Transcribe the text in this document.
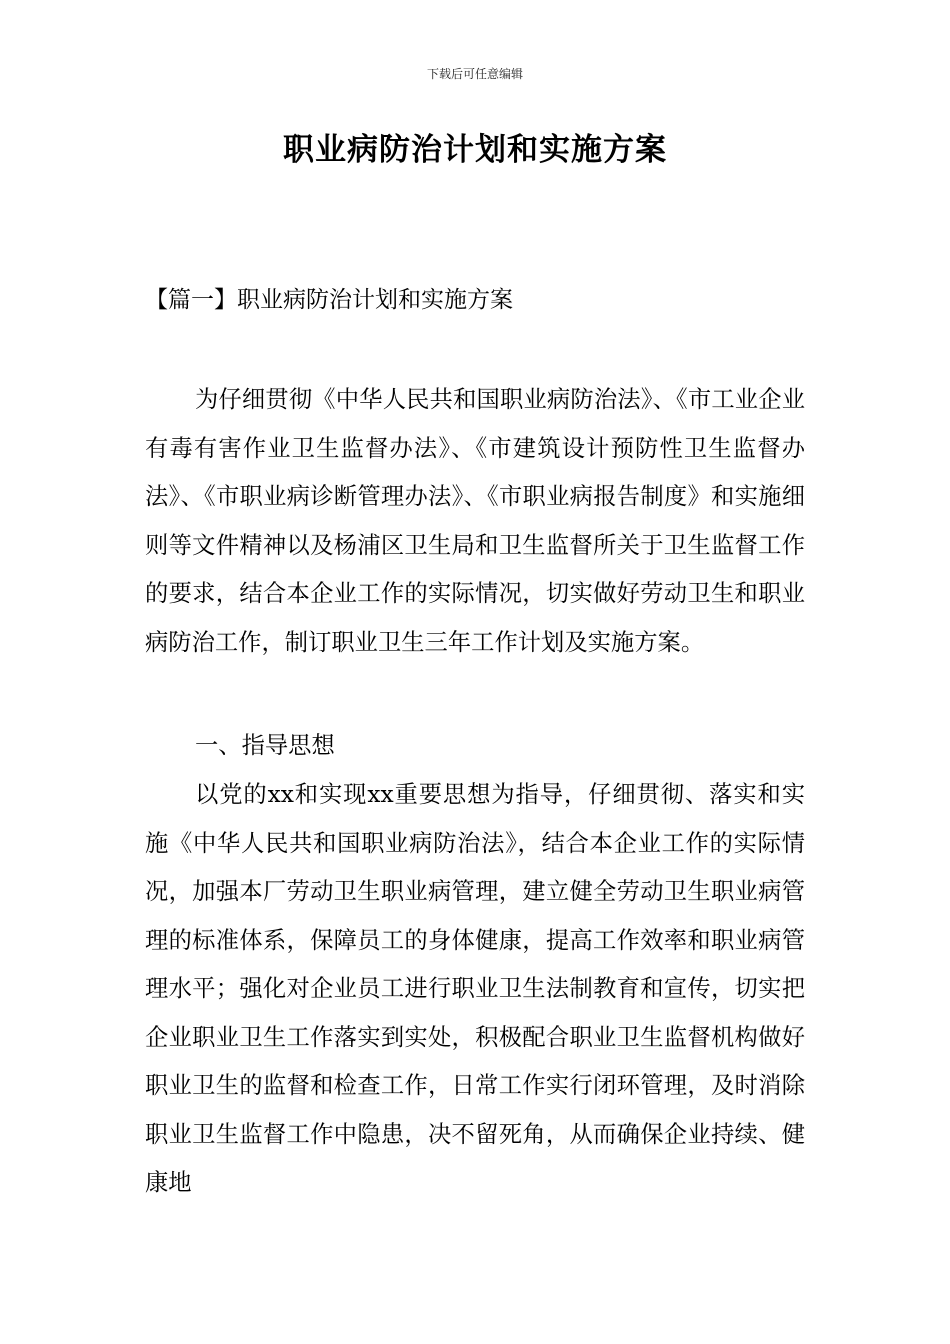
下载后可任意编辑
职业病防治计划和实施方案
【篇一】职业病防治计划和实施方案

为仔细贯彻《中华人民共和国职业病防治法》、《市工业企业有毒有害作业卫生监督办法》、《市建筑设计预防性卫生监督办法》、《市职业病诊断管理办法》、《市职业病报告制度》和实施细则等文件精神以及杨浦区卫生局和卫生监督所关于卫生监督工作的要求，结合本企业工作的实际情况，切实做好劳动卫生和职业病防治工作，制订职业卫生三年工作计划及实施方案。

一、指导思想

以党的xx和实现xx重要思想为指导，仔细贯彻、落实和实施《中华人民共和国职业病防治法》，结合本企业工作的实际情况，加强本厂劳动卫生职业病管理，建立健全劳动卫生职业病管理的标准体系，保障员工的身体健康，提高工作效率和职业病管理水平；强化对企业员工进行职业卫生法制教育和宣传，切实把企业职业卫生工作落实到实处，积极配合职业卫生监督机构做好职业卫生的监督和检查工作，日常工作实行闭环管理，及时消除职业卫生监督工作中隐患，决不留死角，从而确保企业持续、健康地
